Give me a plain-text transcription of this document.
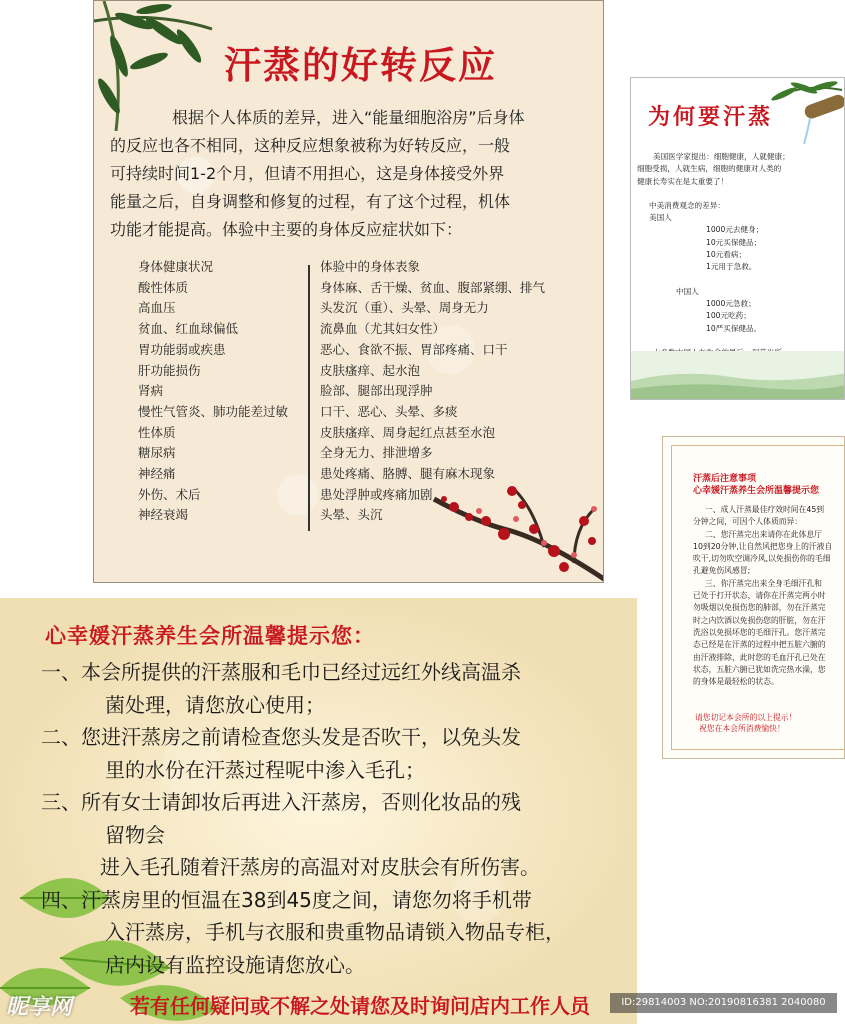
汗蒸的好转反应
根据个人体质的差异，进入“能量细胞浴房”后身体
的反应也各不相同，这种反应想象被称为好转反应，一般
可持续时间1-2个月，但请不用担心，这是身体接受外界
能量之后，自身调整和修复的过程，有了这个过程，机体
功能才能提高。体验中主要的身体反应症状如下：
身体健康状况
酸性体质
高血压
贫血、红血球偏低
胃功能弱或疾患
肝功能损伤
肾病
慢性气管炎、肺功能差过敏
性体质
糖尿病
神经痛
外伤、术后
神经衰竭
体验中的身体表象
身体麻、舌干燥、贫血、腹部紧绷、排气
头发沉（重）、头晕、周身无力
流鼻血（尤其妇女性）
恶心、食欲不振、胃部疼痛、口干
皮肤瘙痒、起水泡
脸部、腿部出现浮肿
口干、恶心、头晕、多痰
皮肤瘙痒、周身起红点甚至水泡
全身无力、排泄增多
患处疼痛、胳膊、腿有麻木现象
患处浮肿或疼痛加剧
头晕、头沉
为何要汗蒸
美国医学家提出：细胞健康，人就健康；
细胞受损，人就生病，细胞的健康对人类的
健康长寿实在是太重要了！
中美消费观念的差异：
美国人
1000元去健身；
10元买保健品；
10元看病；
1元用于急救。
中国人
1000元急救；
100元吃药；
10严买保健品。
汗蒸后注意事项
心幸媛汗蒸养生会所温馨提示您
一、成人汗蒸最佳疗效时间在45到
分钟之间，可因个人体质而异：
二、您汗蒸完出来请你在此体息厅
10到20分钟,让自然风把您身上的汗液自
吹干,切勿吹空调冷风,以免损伤你的毛细
孔避免伤风感冒;
三、你汗蒸完出来全身毛细汗孔和
已处于打开状态，请你在汗蒸完两小时
勿吸烟以免损伤您的肺部，勿在汗蒸完
时之内饮酒以免损伤您的肝脏，勿在汗
洗浴以免损坏您的毛细汗孔。您汗蒸完
态已经是在汗蒸的过程中把五脏六腑的
由汗液排除，此时您的毛血汗孔已处在
状态，五脏六腑已犹如洗完热水澡，您
的身体是最轻松的状态。
请您切记本会所的以上提示！
祝您在本会所消费愉快！
心幸媛汗蒸养生会所温馨提示您：
一、本会所提供的汗蒸服和毛巾已经过远红外线高温杀
菌处理，请您放心使用；
二、您进汗蒸房之前请检查您头发是否吹干，以免头发
里的水份在汗蒸过程呢中渗入毛孔；
三、所有女士请卸妆后再进入汗蒸房，否则化妆品的残
留物会
进入毛孔随着汗蒸房的高温对对皮肤会有所伤害。
四、汗蒸房里的恒温在38到45度之间，请您勿将手机带
入汗蒸房，手机与衣服和贵重物品请锁入物品专柜，
店内设有监控设施请您放心。
若有任何疑问或不解之处请您及时询问店内工作人员
昵享网	ID:29814003 NO:20190816381 2040080
